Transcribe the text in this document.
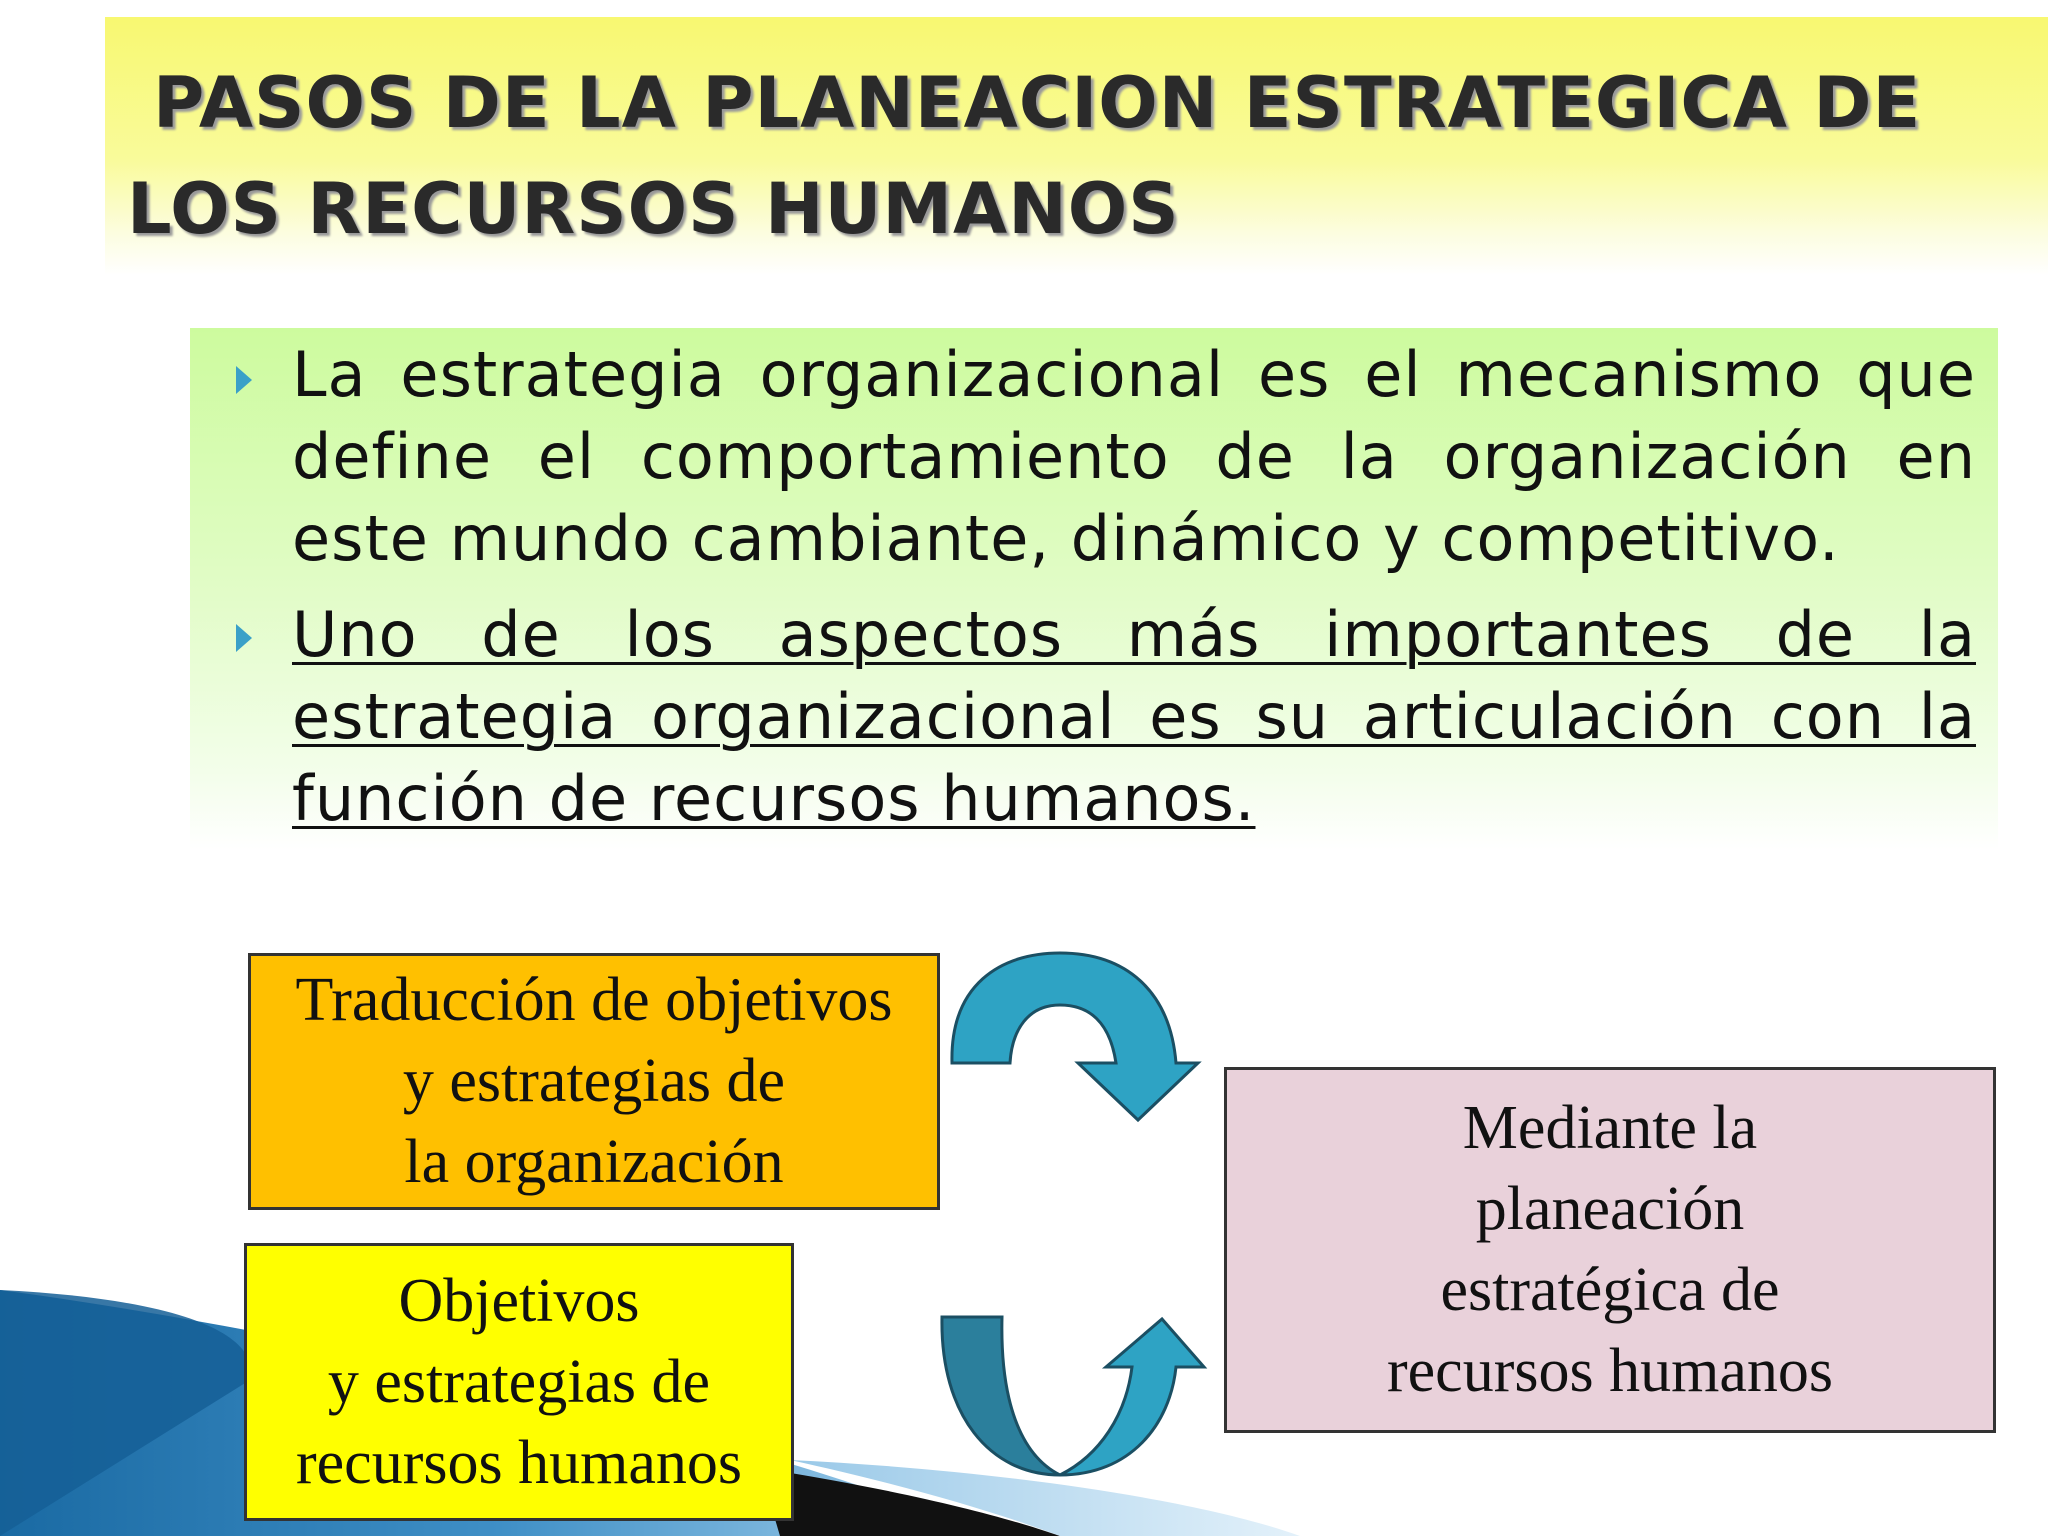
PASOS DE LA PLANEACION ESTRATEGICA DE
LOS RECURSOS HUMANOS

La estrategia organizacional es el mecanismo que define el comportamiento de la organización en este mundo cambiante, dinámico y competitivo.

Uno de los aspectos más importantes de la estrategia organizacional es su articulación con la función de recursos humanos.

Traducción de objetivos
y estrategias de
la organización
Objetivos
y estrategias de
recursos humanos
Mediante la
planeación
estratégica de
recursos humanos
